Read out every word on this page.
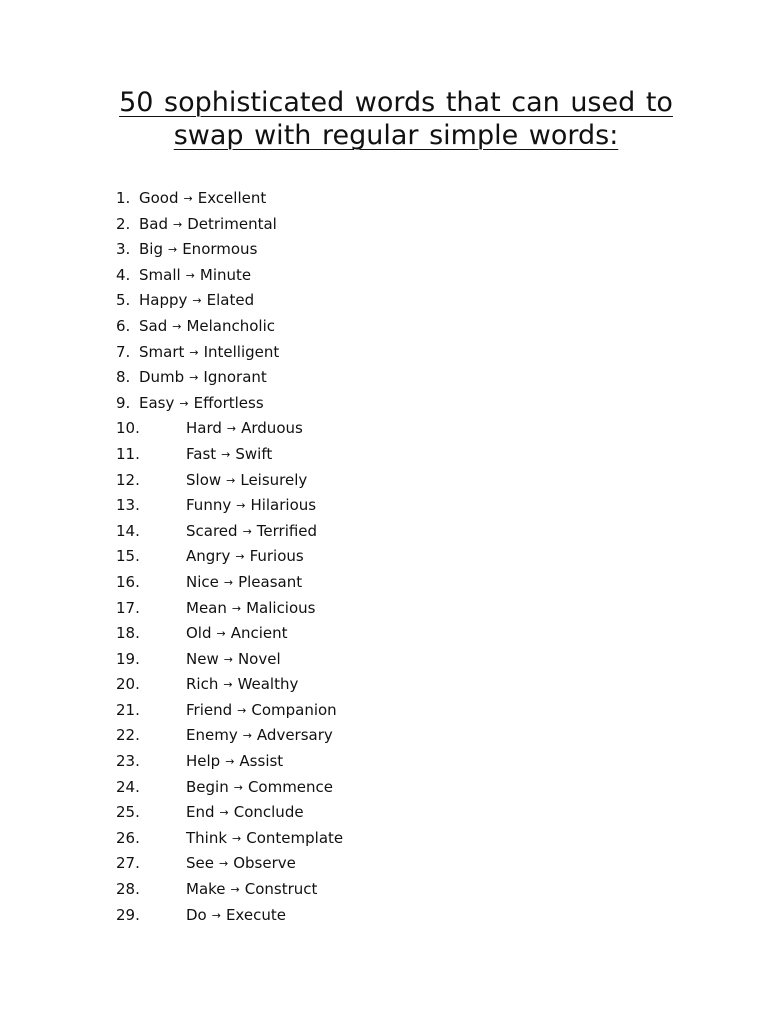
50 sophisticated words that can used to swap with regular simple words:
1. Good → Excellent
2. Bad → Detrimental
3. Big → Enormous
4. Small → Minute
5. Happy → Elated
6. Sad → Melancholic
7. Smart → Intelligent
8. Dumb → Ignorant
9. Easy → Effortless
10.	Hard → Arduous
11.	Fast → Swift
12.	Slow → Leisurely
13.	Funny → Hilarious
14.	Scared → Terrified
15.	Angry → Furious
16.	Nice → Pleasant
17.	Mean → Malicious
18.	Old → Ancient
19.	New → Novel
20.	Rich → Wealthy
21.	Friend → Companion
22.	Enemy → Adversary
23.	Help → Assist
24.	Begin → Commence
25.	End → Conclude
26.	Think → Contemplate
27.	See → Observe
28.	Make → Construct
29.	Do → Execute
